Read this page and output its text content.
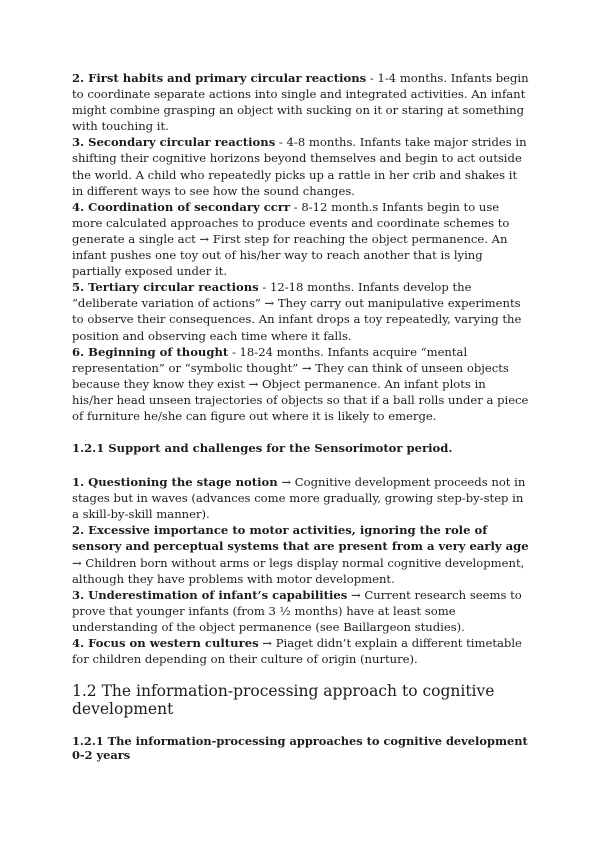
2. First habits and primary circular reactions - 1-4 months. Infants begin to coordinate separate actions into single and integrated activities. An infant might combine grasping an object with sucking on it or staring at something with touching it.

3. Secondary circular reactions - 4-8 months. Infants take major strides in shifting their cognitive horizons beyond themselves and begin to act outside the world. A child who repeatedly picks up a rattle in her crib and shakes it in different ways to see how the sound changes.

4. Coordination of secondary ccrr - 8-12 month.s Infants begin to use more calculated approaches to produce events and coordinate schemes to generate a single act → First step for reaching the object permanence. An infant pushes one toy out of his/her way to reach another that is lying partially exposed under it.

5. Tertiary circular reactions - 12-18 months. Infants develop the “deliberate variation of actions” → They carry out manipulative experiments to observe their consequences. An infant drops a toy repeatedly, varying the position and observing each time where it falls.

6. Beginning of thought - 18-24 months. Infants acquire “mental representation” or “symbolic thought” → They can think of unseen objects because they know they exist → Object permanence. An infant plots in his/her head unseen trajectories of objects so that if a ball rolls under a piece of furniture he/she can figure out where it is likely to emerge.

1.2.1 Support and challenges for the Sensorimotor period.

1. Questioning the stage notion → Cognitive development proceeds not in stages but in waves (advances come more gradually, growing step-by-step in a skill-by-skill manner).

2. Excessive importance to motor activities, ignoring the role of sensory and perceptual systems that are present from a very early age → Children born without arms or legs display normal cognitive development, although they have problems with motor development.

3. Underestimation of infant’s capabilities → Current research seems to prove that younger infants (from 3 ½ months) have at least some understanding of the object permanence (see Baillargeon studies).

4. Focus on western cultures → Piaget didn’t explain a different timetable for children depending on their culture of origin (nurture).

1.2 The information-processing approach to cognitive development
1.2.1 The information-processing approaches to cognitive development 0-2 years
